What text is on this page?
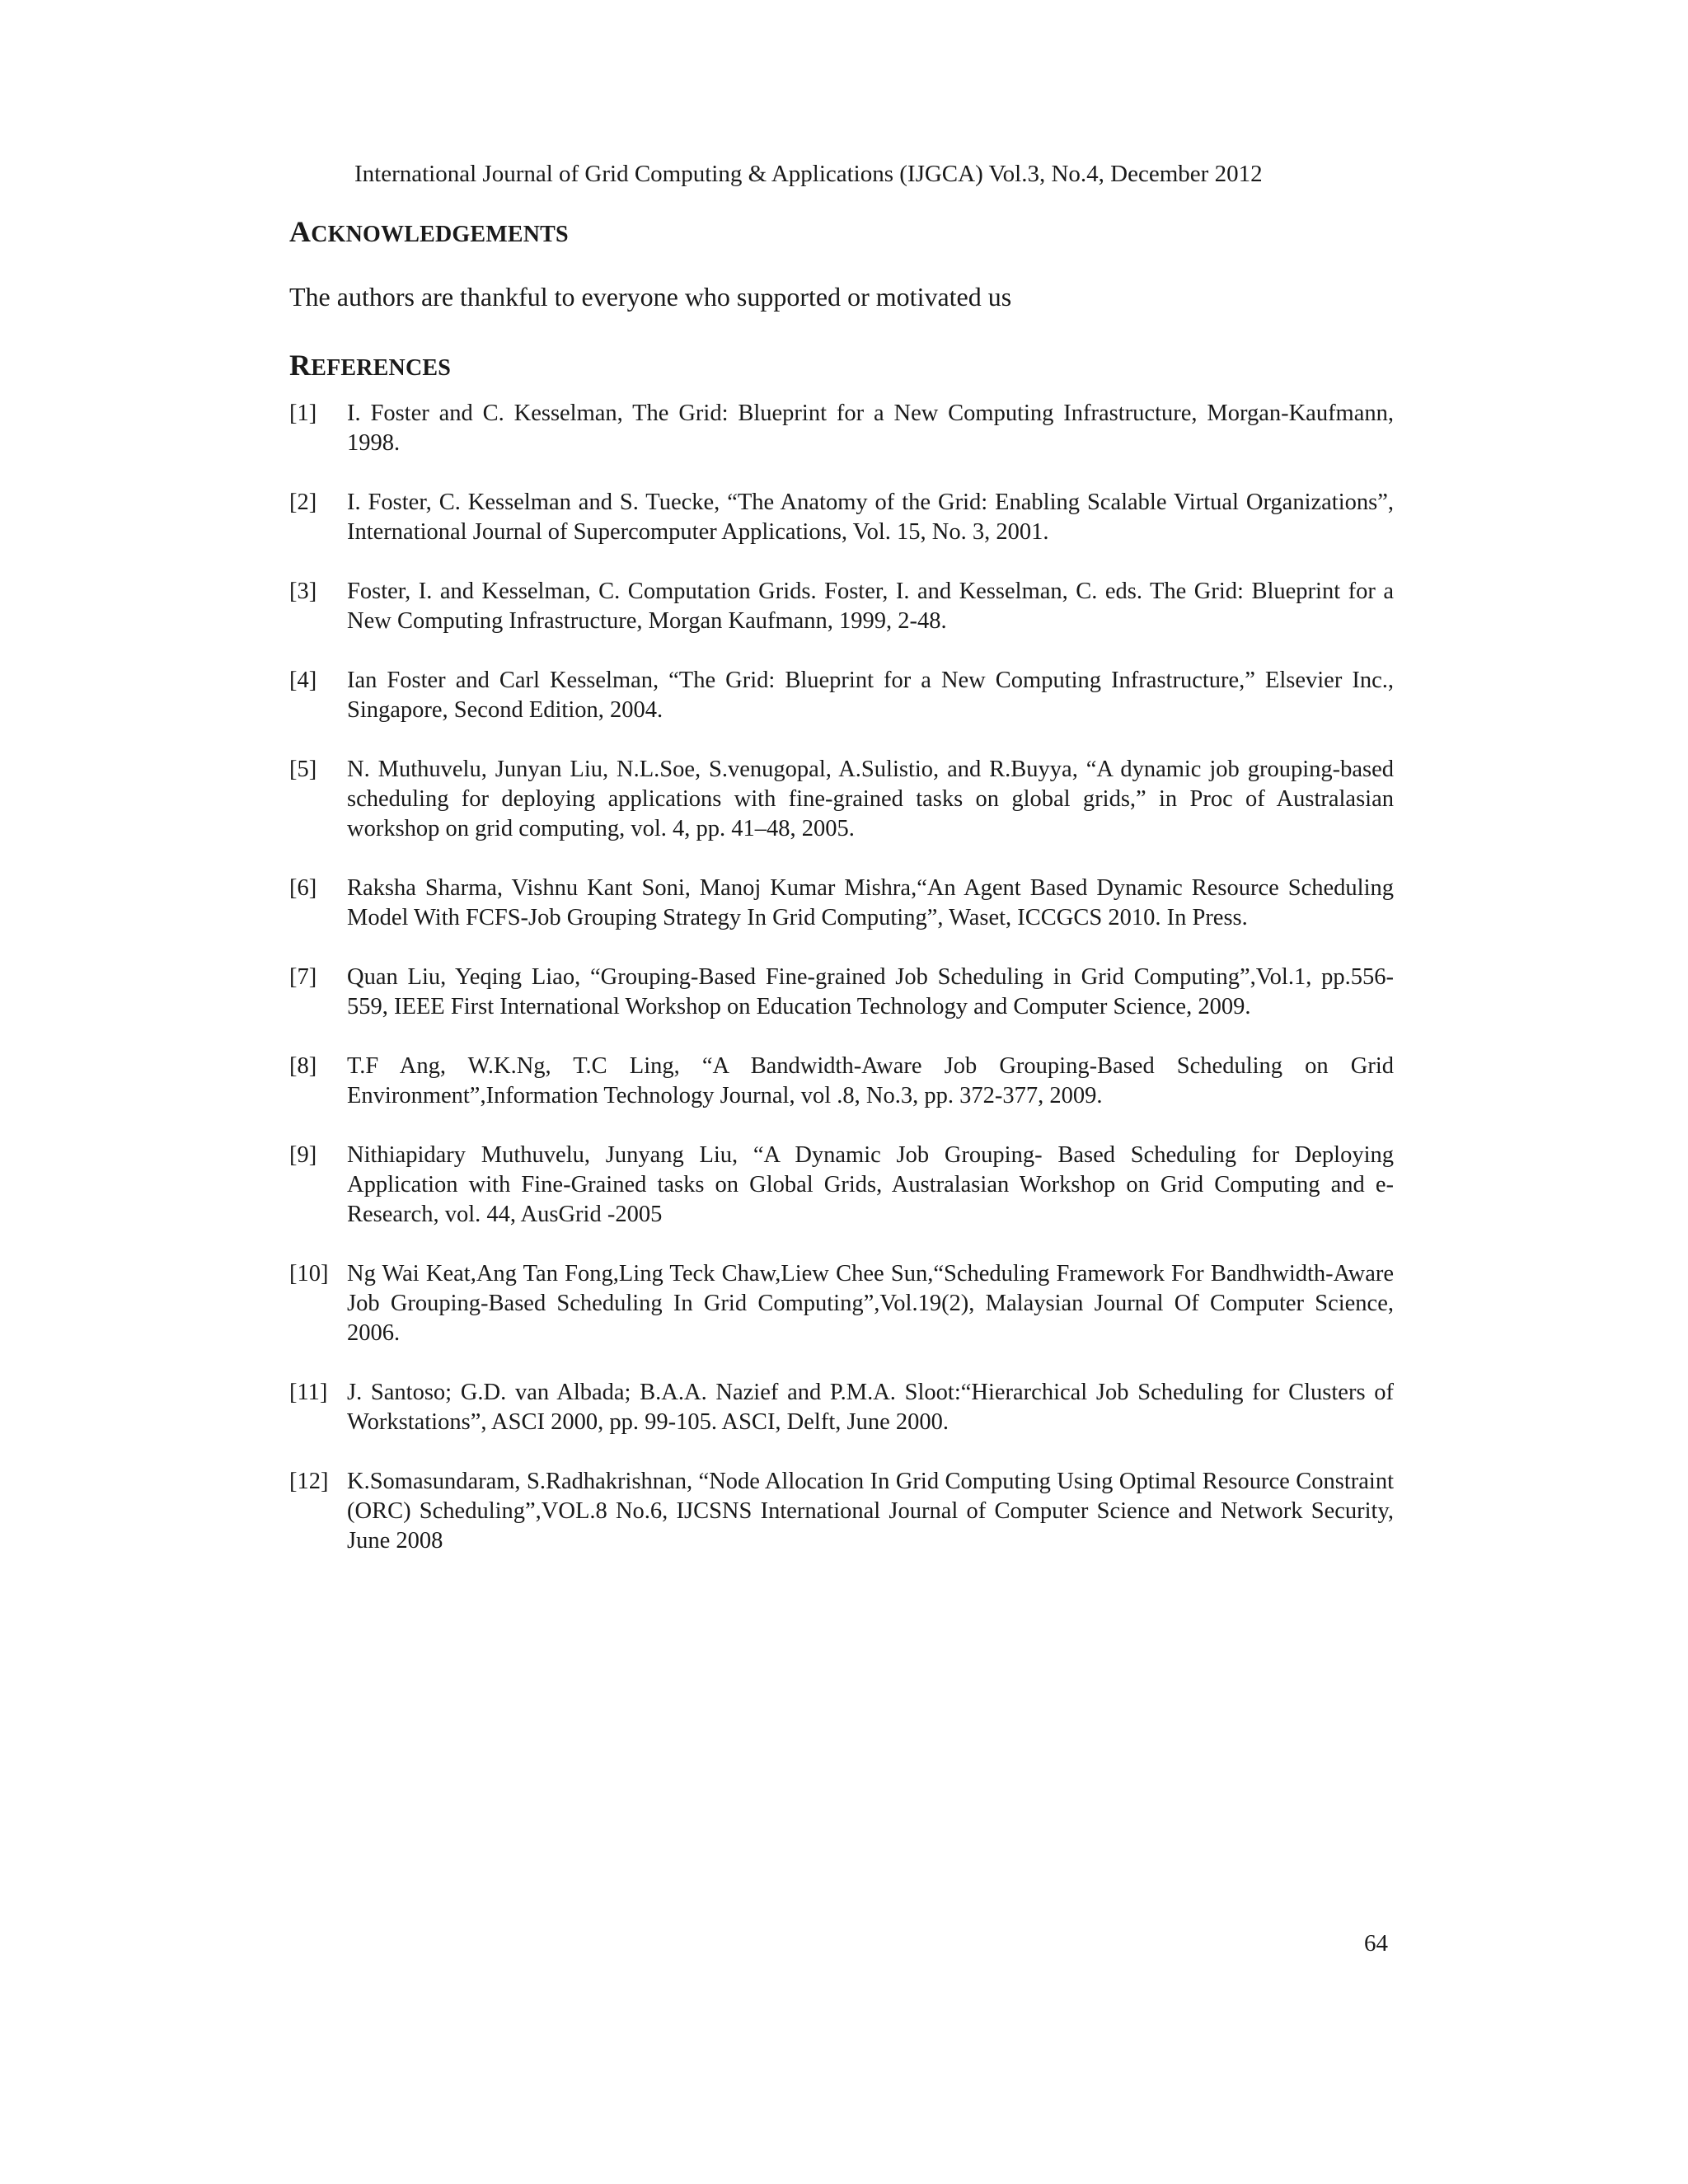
International Journal of Grid Computing & Applications (IJGCA) Vol.3, No.4, December 2012
ACKNOWLEDGEMENTS
The authors are thankful to everyone who supported or motivated us
REFERENCES
[1]	I. Foster and C. Kesselman, The Grid: Blueprint for a New Computing Infrastructure, Morgan-Kaufmann, 1998.
[2]	I. Foster, C. Kesselman and S. Tuecke, “The Anatomy of the Grid: Enabling Scalable Virtual Organizations”, International Journal of Supercomputer Applications, Vol. 15, No. 3, 2001.
[3]	Foster, I. and Kesselman, C. Computation Grids. Foster, I. and Kesselman, C. eds. The Grid: Blueprint for a New Computing Infrastructure, Morgan Kaufmann, 1999, 2-48.
[4]	Ian Foster and Carl Kesselman, “The Grid: Blueprint for a New Computing Infrastructure,” Elsevier Inc., Singapore, Second Edition, 2004.
[5]	N. Muthuvelu, Junyan Liu, N.L.Soe, S.venugopal, A.Sulistio, and R.Buyya, “A dynamic job grouping-based scheduling for deploying applications with fine-grained tasks on global grids,” in Proc of Australasian workshop on grid computing, vol. 4, pp. 41–48, 2005.
[6]	Raksha Sharma, Vishnu Kant Soni, Manoj Kumar Mishra,“An Agent Based Dynamic Resource Scheduling Model With FCFS-Job Grouping Strategy In Grid Computing”, Waset, ICCGCS 2010. In Press.
[7]	Quan Liu, Yeqing Liao, “Grouping-Based Fine-grained Job Scheduling in Grid Computing”,Vol.1, pp.556- 559, IEEE First International Workshop on Education Technology and Computer Science, 2009.
[8]	T.F Ang, W.K.Ng, T.C Ling, “A Bandwidth-Aware Job Grouping-Based Scheduling on Grid Environment”,Information Technology Journal, vol .8, No.3, pp. 372-377, 2009.
[9]	Nithiapidary Muthuvelu, Junyang Liu, “A Dynamic Job Grouping- Based Scheduling for Deploying Application with Fine-Grained tasks on Global Grids, Australasian Workshop on Grid Computing and e- Research, vol. 44, AusGrid -2005
[10] Ng Wai Keat,Ang Tan Fong,Ling Teck Chaw,Liew Chee Sun,“Scheduling Framework For Bandhwidth-Aware Job Grouping-Based Scheduling In Grid Computing”,Vol.19(2), Malaysian Journal Of Computer Science, 2006.
[11] J. Santoso; G.D. van Albada; B.A.A. Nazief and P.M.A. Sloot:“Hierarchical Job Scheduling for Clusters of Workstations”, ASCI 2000, pp. 99-105. ASCI, Delft, June 2000.
[12] K.Somasundaram, S.Radhakrishnan, “Node Allocation In Grid Computing Using Optimal Resource Constraint (ORC) Scheduling”,VOL.8 No.6, IJCSNS International Journal of Computer Science and Network Security, June 2008
64
